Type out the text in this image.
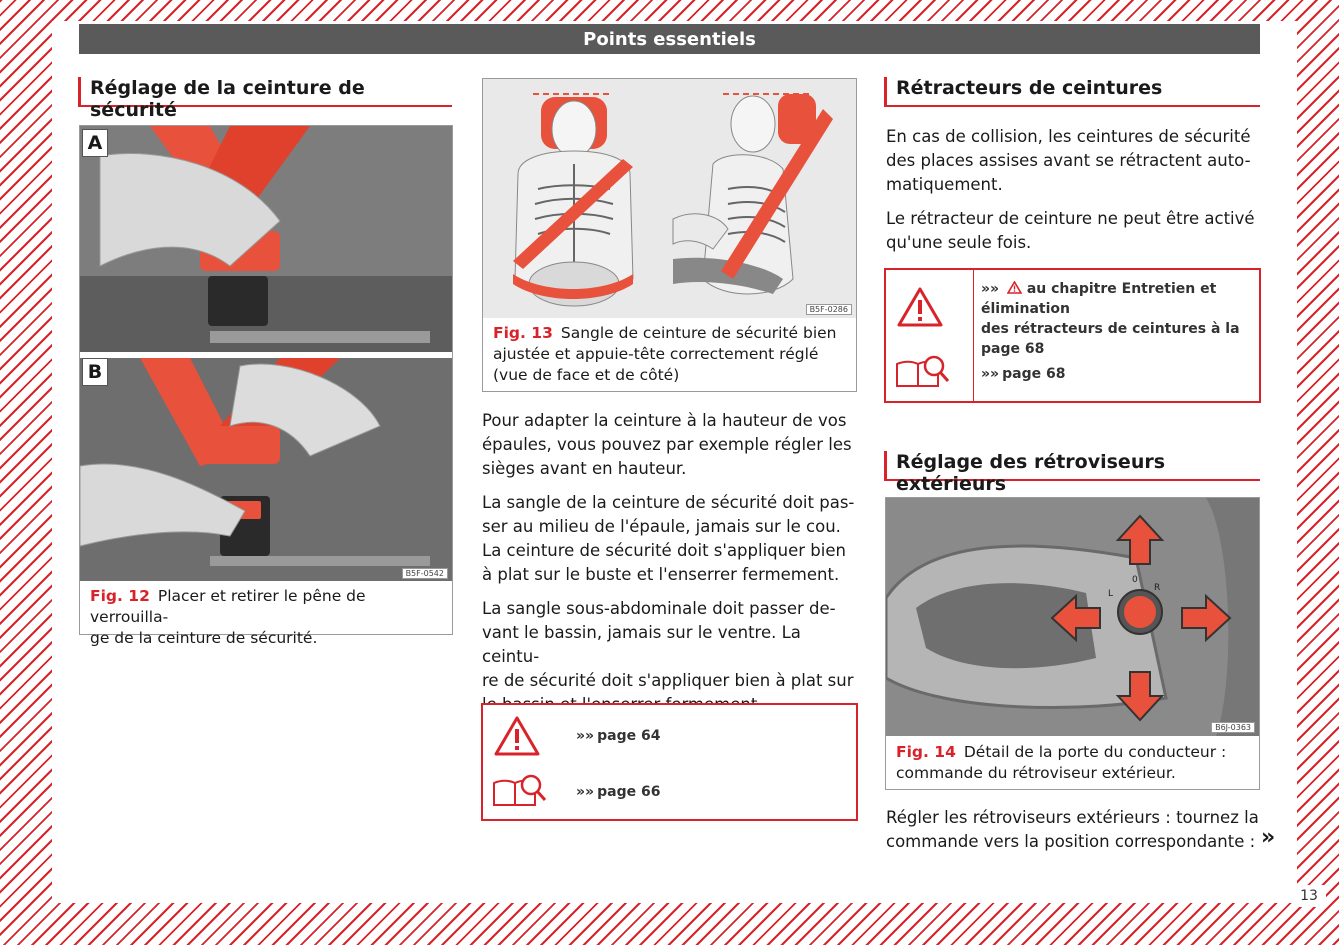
Points essentiels
Réglage de la ceinture de sécurité
A
B
B5F-0542
Fig. 12 Placer et retirer le pêne de verrouilla-
ge de la ceinture de sécurité.
B5F-0286
Fig. 13 Sangle de ceinture de sécurité bien
ajustée et appuie-tête correctement réglé
(vue de face et de côté)

Pour adapter la ceinture à la hauteur de vos
épaules, vous pouvez par exemple régler les
sièges avant en hauteur.

La sangle de la ceinture de sécurité doit pas-
ser au milieu de l'épaule, jamais sur le cou.
La ceinture de sécurité doit s'appliquer bien
à plat sur le buste et l'enserrer fermement.

La sangle sous-abdominale doit passer de-
vant le bassin, jamais sur le ventre. La ceintu-
re de sécurité doit s'appliquer bien à plat sur

»» page 64
»» page 66
Rétracteurs de ceintures

En cas de collision, les ceintures de sécurité
des places assises avant se rétractent auto-
matiquement.

Le rétracteur de ceinture ne peut être activé
qu'une seule fois.

»» au chapitre Entretien et élimination
des rétracteurs de ceintures à la
page 68
»» page 68
Réglage des rétroviseurs extérieurs
L
0
R
B6J-0363
Fig. 14 Détail de la porte du conducteur :
commande du rétroviseur extérieur.
Régler les rétroviseurs extérieurs : tournez la
commande vers la position correspondante : »
13
